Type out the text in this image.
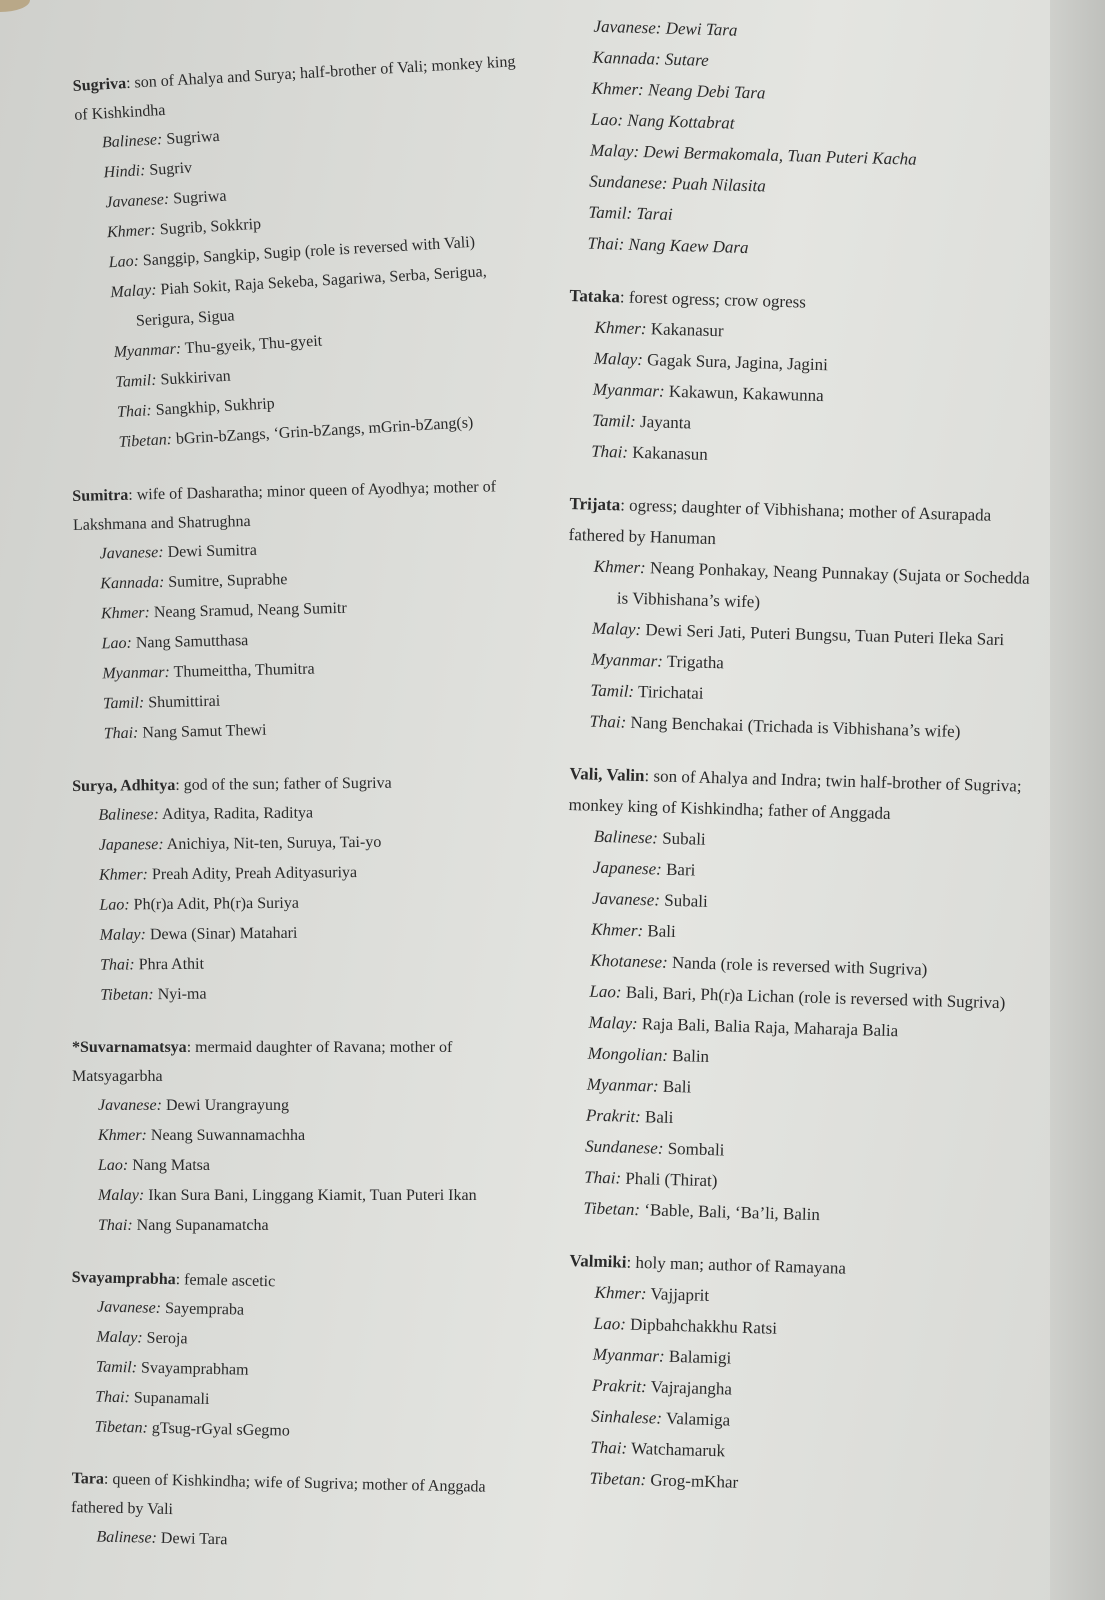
Sugriva: son of Ahalya and Surya; half-brother of Vali; monkey king of Kishkindha
Balinese: Sugriwa
Hindi: Sugriv
Javanese: Sugriwa
Khmer: Sugrib, Sokkrip
Lao: Sanggip, Sangkip, Sugip (role is reversed with Vali)
Malay: Piah Sokit, Raja Sekeba, Sagariwa, Serba, Serigua, Serigura, Sigua
Myanmar: Thu-gyeik, Thu-gyeit
Tamil: Sukkirivan
Thai: Sangkhip, Sukhrip
Tibetan: bGrin-bZangs, ‘Grin-bZangs, mGrin-bZang(s)
Sumitra: wife of Dasharatha; minor queen of Ayodhya; mother of Lakshmana and Shatrughna
Javanese: Dewi Sumitra
Kannada: Sumitre, Suprabhe
Khmer: Neang Sramud, Neang Sumitr
Lao: Nang Samutthasa
Myanmar: Thumeittha, Thumitra
Tamil: Shumittirai
Thai: Nang Samut Thewi
Surya, Adhitya: god of the sun; father of Sugriva
Balinese: Aditya, Radita, Raditya
Japanese: Anichiya, Nit-ten, Suruya, Tai-yo
Khmer: Preah Adity, Preah Adityasuriya
Lao: Ph(r)a Adit, Ph(r)a Suriya
Malay: Dewa (Sinar) Matahari
Thai: Phra Athit
Tibetan: Nyi-ma
*Suvarnamatsya: mermaid daughter of Ravana; mother of Matsyagarbha
Javanese: Dewi Urangrayung
Khmer: Neang Suwannamachha
Lao: Nang Matsa
Malay: Ikan Sura Bani, Linggang Kiamit, Tuan Puteri Ikan
Thai: Nang Supanamatcha
Svayamprabha: female ascetic
Javanese: Sayempraba
Malay: Seroja
Tamil: Svayamprabham
Thai: Supanamali
Tibetan: gTsug-rGyal sGegmo
Tara: queen of Kishkindha; wife of Sugriva; mother of Anggada fathered by Vali
Balinese: Dewi Tara
Javanese: Dewi Tara
Kannada: Sutare
Khmer: Neang Debi Tara
Lao: Nang Kottabrat
Malay: Dewi Bermakomala, Tuan Puteri Kacha
Sundanese: Puah Nilasita
Tamil: Tarai
Thai: Nang Kaew Dara
Tataka: forest ogress; crow ogress
Khmer: Kakanasur
Malay: Gagak Sura, Jagina, Jagini
Myanmar: Kakawun, Kakawunna
Tamil: Jayanta
Thai: Kakanasun
Trijata: ogress; daughter of Vibhishana; mother of Asurapada fathered by Hanuman
Khmer: Neang Ponhakay, Neang Punnakay (Sujata or Sochedda is Vibhishana’s wife)
Malay: Dewi Seri Jati, Puteri Bungsu, Tuan Puteri Ileka Sari
Myanmar: Trigatha
Tamil: Tirichatai
Thai: Nang Benchakai (Trichada is Vibhishana’s wife)
Vali, Valin: son of Ahalya and Indra; twin half-brother of Sugriva; monkey king of Kishkindha; father of Anggada
Balinese: Subali
Japanese: Bari
Javanese: Subali
Khmer: Bali
Khotanese: Nanda (role is reversed with Sugriva)
Lao: Bali, Bari, Ph(r)a Lichan (role is reversed with Sugriva)
Malay: Raja Bali, Balia Raja, Maharaja Balia
Mongolian: Balin
Myanmar: Bali
Prakrit: Bali
Sundanese: Sombali
Thai: Phali (Thirat)
Tibetan: ‘Bable, Bali, ‘Ba’li, Balin
Valmiki: holy man; author of Ramayana
Khmer: Vajjaprit
Lao: Dipbahchakkhu Ratsi
Myanmar: Balamigi
Prakrit: Vajrajangha
Sinhalese: Valamiga
Thai: Watchamaruk
Tibetan: Grog-mKhar
